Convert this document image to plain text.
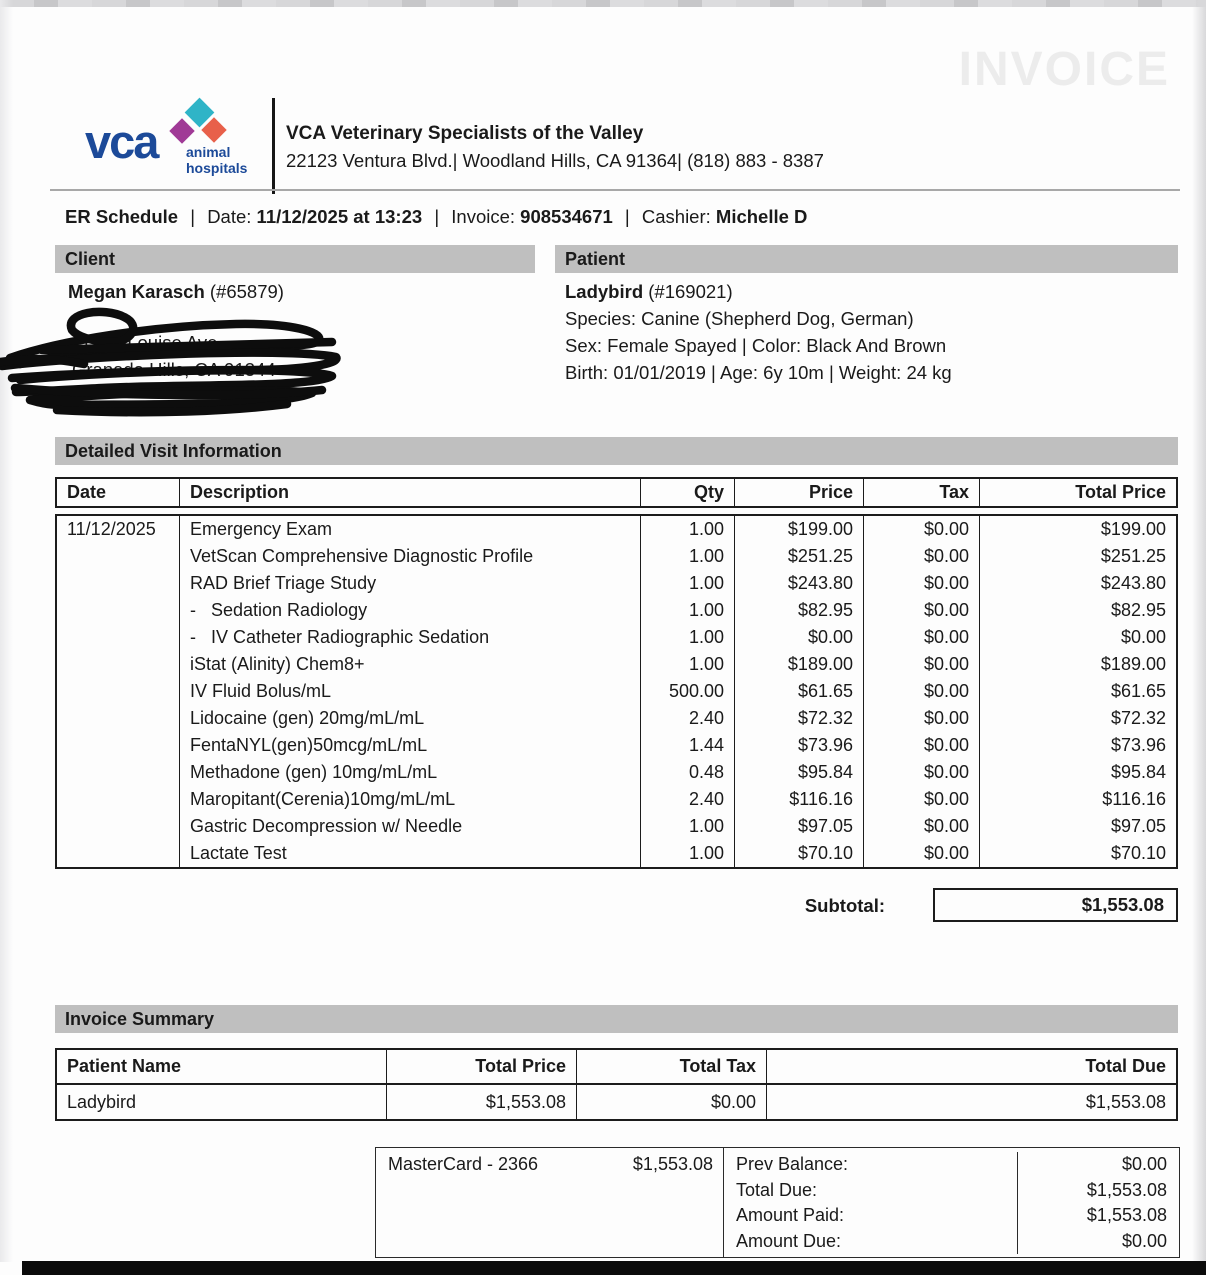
INVOICE
vca animal
hospitals
VCA Veterinary Specialists of the Valley
22123 Ventura Blvd.| Woodland Hills, CA 91364| (818) 883 - 8387
ER Schedule | Date: 11/12/2025 at 13:23 | Invoice: 908534671 | Cashier: Michelle D
Client	Patient
Megan Karasch (#65879)
11906 Louise Ave
Granada Hills, CA 91344
Ladybird (#169021)
Species: Canine (Shepherd Dog, German)
Sex: Female Spayed | Color: Black And Brown
Birth: 01/01/2019 | Age: 6y 10m | Weight: 24 kg
Detailed Visit Information
Date	Description	Qty	Price	Tax	Total Price
11/12/2025	Emergency Exam	1.00	$199.00	$0.00	$199.00
VetScan Comprehensive Diagnostic Profile	1.00	$251.25	$0.00	$251.25
RAD Brief Triage Study	1.00	$243.80	$0.00	$243.80
-   Sedation Radiology	1.00	$82.95	$0.00	$82.95
-   IV Catheter Radiographic Sedation	1.00	$0.00	$0.00	$0.00
iStat (Alinity) Chem8+	1.00	$189.00	$0.00	$189.00
IV Fluid Bolus/mL	500.00	$61.65	$0.00	$61.65
Lidocaine (gen) 20mg/mL/mL	2.40	$72.32	$0.00	$72.32
FentaNYL(gen)50mcg/mL/mL	1.44	$73.96	$0.00	$73.96
Methadone (gen) 10mg/mL/mL	0.48	$95.84	$0.00	$95.84
Maropitant(Cerenia)10mg/mL/mL	2.40	$116.16	$0.00	$116.16
Gastric Decompression w/ Needle	1.00	$97.05	$0.00	$97.05
Lactate Test	1.00	$70.10	$0.00	$70.10
Subtotal:	$1,553.08
Invoice Summary
Patient Name	Total Price	Total Tax	Total Due
Ladybird	$1,553.08	$0.00	$1,553.08
MasterCard - 2366	$1,553.08	Prev Balance:	$0.00
Total Due:	$1,553.08
Amount Paid:	$1,553.08
Amount Due:	$0.00
